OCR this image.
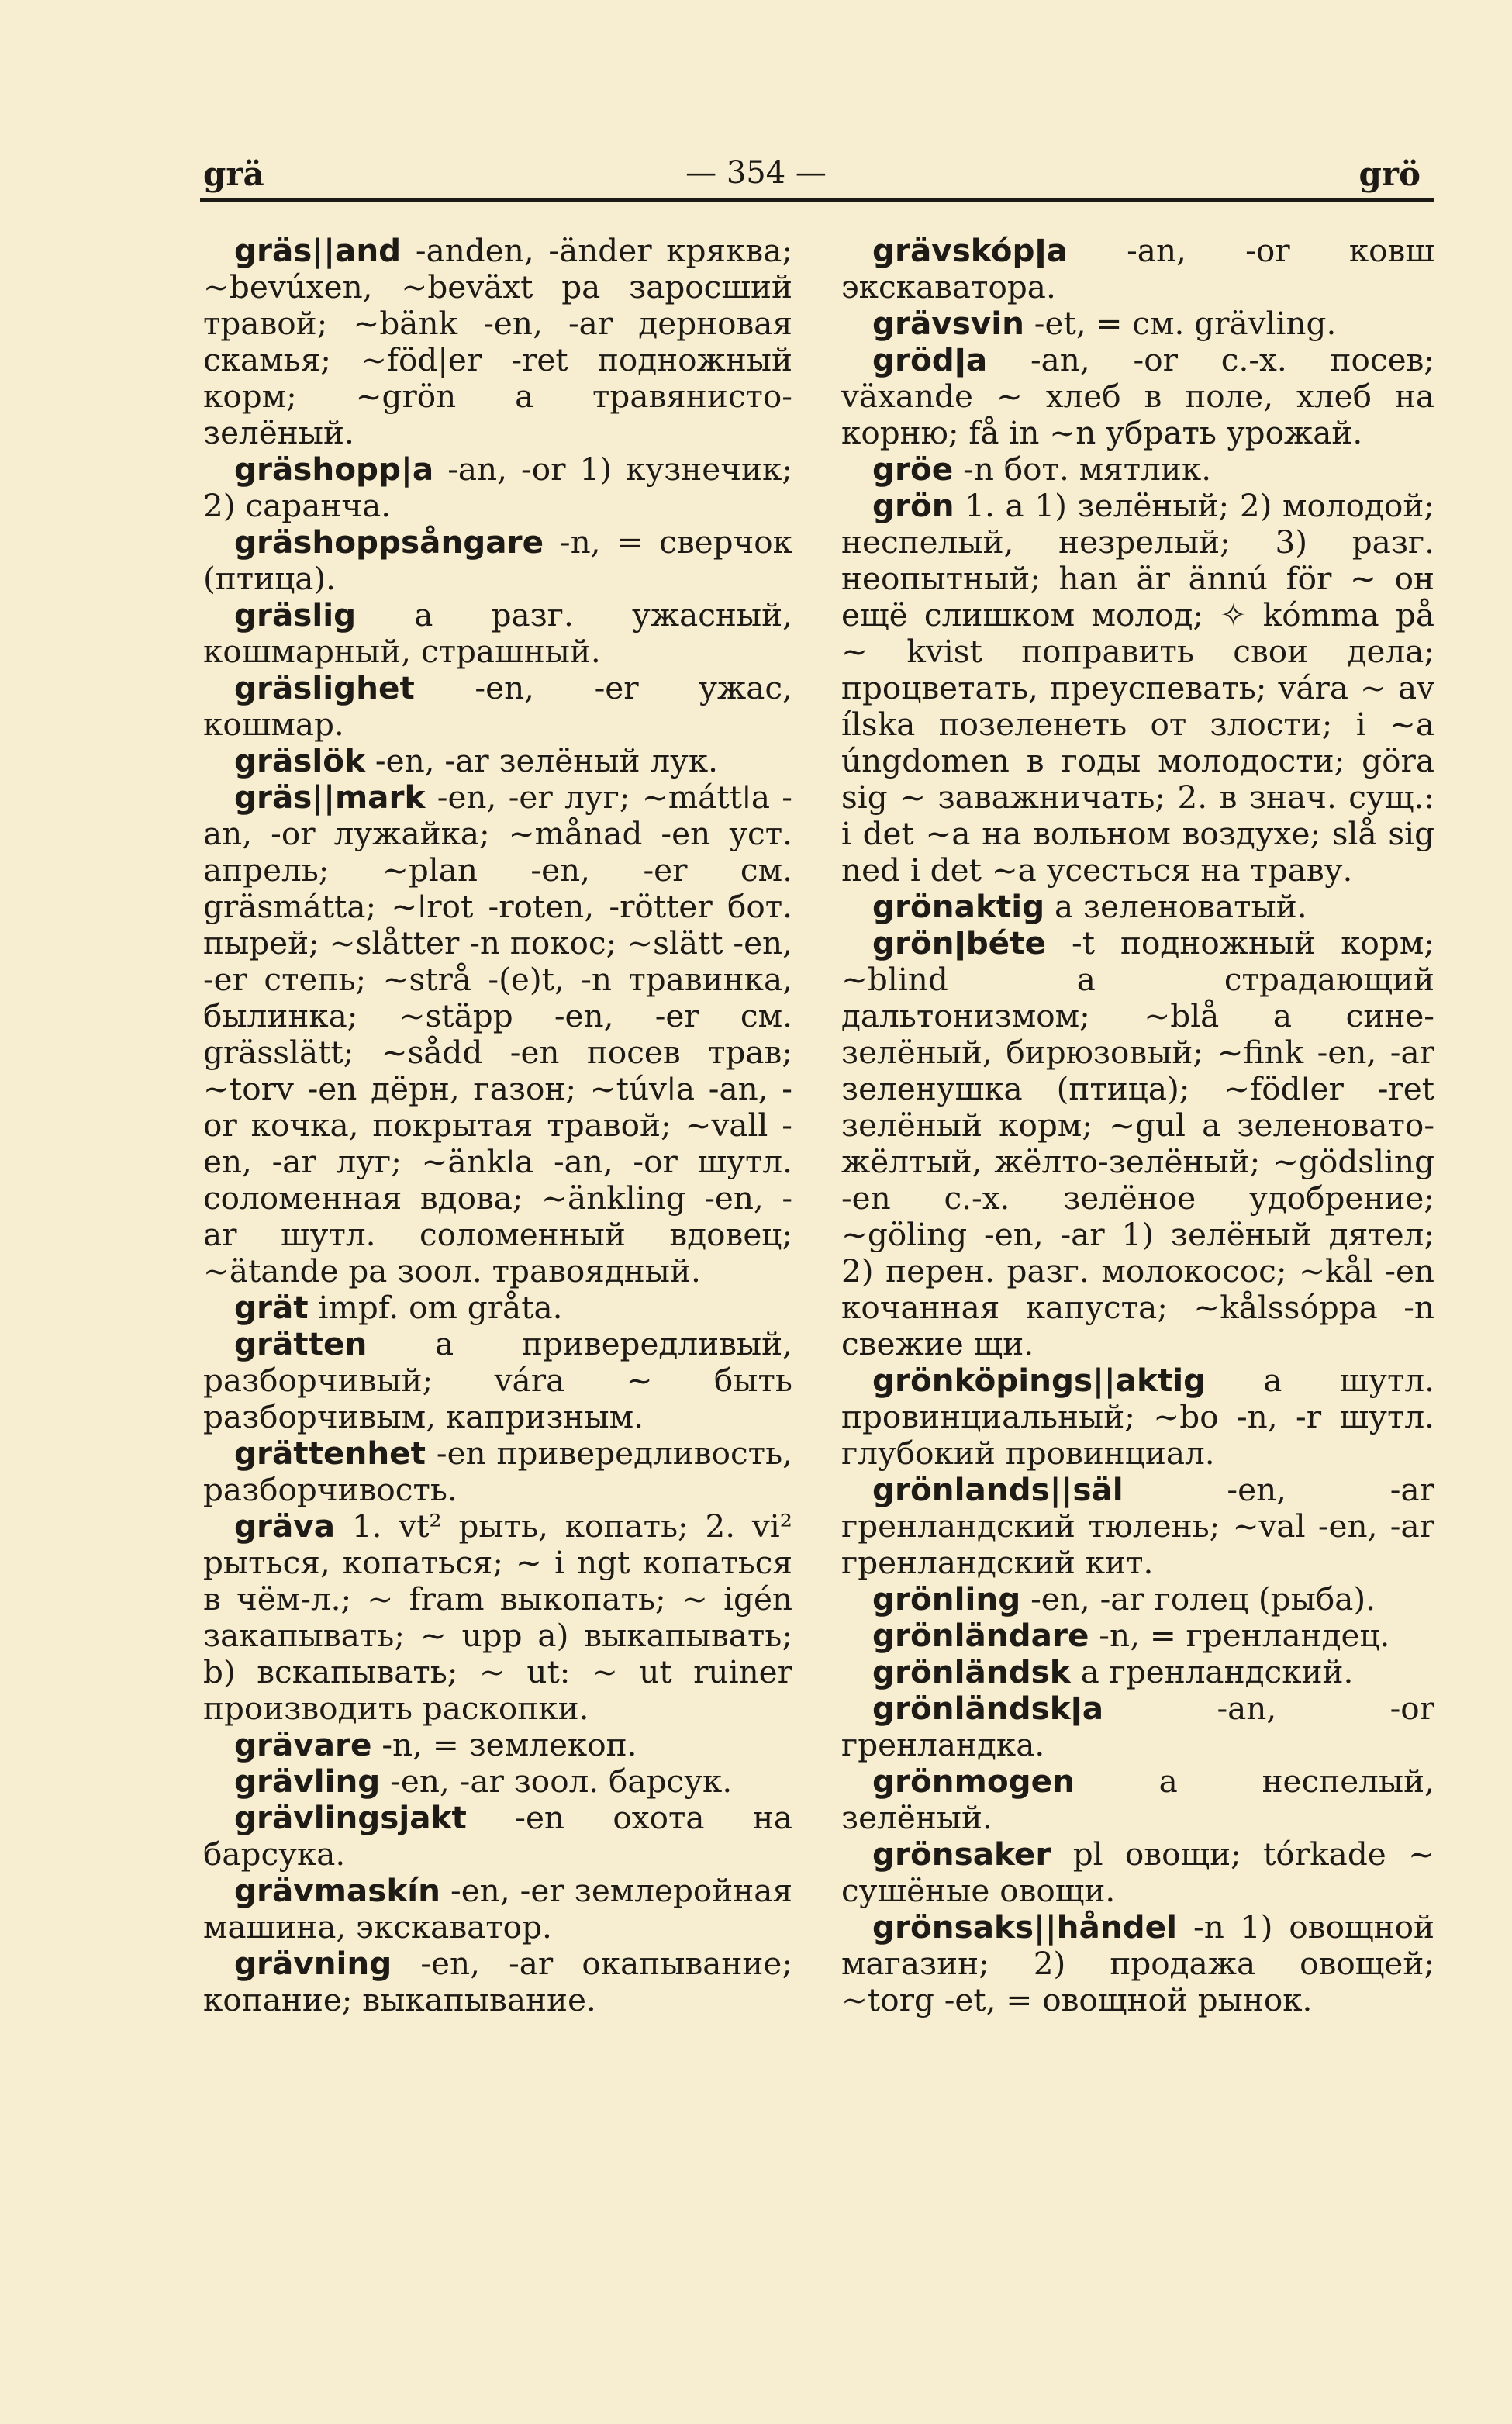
grä	— 354 —	grö

gräs||and -anden, -änder кряква; ~bevúxen, ~beväxt pa заросший травой; ~bänk -en, -ar дерновая скамья; ~föd|er -ret подножный корм; ~grön a травянисто-зелёный.

gräshopp|a -an, -or 1) кузнечик; 2) саранча.

gräshoppsångare -n, = сверчок (птица).

gräslig a разг. ужасный, кошмарный, страшный.

gräslighet -en, -er ужас, кошмар.

gräslök -en, -ar зелёный лук.

gräs||mark -en, -er луг; ~máttǀa -an, -or лужайка; ~månad -en уст. апрель; ~plan -en, -er см. gräsmátta; ~ǀrot -roten, -rötter бот. пырей; ~slåtter -n покос; ~slätt -en, -er степь; ~strå -(e)t, -n травинка, былинка; ~stäpp -en, -er см. grässlätt; ~sådd -en посев трав; ~torv -en дёрн, газон; ~túvǀa -an, -or кочка, покрытая травой; ~vall -en, -ar луг; ~änkǀa -an, -or шутл. соломенная вдова; ~änkling -en, -ar шутл. соломенный вдовец; ~ätande pa зоол. травоядный.

grät impf. om gråta.

grätten a привередливый, разборчивый; vára ~ быть разборчивым, капризным.

grättenhet -en привередливость, разборчивость.

gräva 1. vt² рыть, копать; 2. vi² рыться, копаться; ~ i ngt копаться в чём-л.; ~ fram выкопать; ~ igén закапывать; ~ upp a) выкапывать; b) вскапывать; ~ ut: ~ ut ruiner производить раскопки.

grävare -n, = землекоп.

grävling -en, -ar зоол. барсук.

grävlingsjakt -en охота на барсука.

grävmaskín -en, -er землеройная машина, экскаватор.

grävning -en, -ar окапывание; копание; выкапывание.

grävskópǀa -an, -or ковш экскаватора.

grävsvin -et, = см. grävling.

grödǀa -an, -or с.-х. посев; växande ~ хлеб в поле, хлеб на корню; få in ~n убрать урожай.

gröe -n бот. мятлик.

grön 1. a 1) зелёный; 2) молодой; неспелый, незрелый; 3) разг. неопытный; han är ännú för ~ он ещё слишком молод; ✧ kómma på ~ kvist поправить свои дела; процветать, преуспевать; vára ~ av ílska позеленеть от злости; i ~a úngdomen в годы молодости; göra sig ~ заважничать; 2. в знач. сущ.: i det ~a на вольном воздухе; slå sig ned i det ~a усесться на траву.

grönaktig a зеленоватый.

grönǀbéte -t подножный корм; ~blind a страдающий дальтонизмом; ~blå a сине-зелёный, бирюзовый; ~fink -en, -ar зеленушка (птица); ~födǀer -ret зелёный корм; ~gul a зеленовато-жёлтый, жёлто-зелёный; ~gödsling -en с.-х. зелёное удобрение; ~göling -en, -ar 1) зелёный дятел; 2) перен. разг. молокосос; ~kål -en кочанная капуста; ~kålssóppa -n свежие щи.

grönköpings||aktig a шутл. провинциальный; ~bo -n, -r шутл. глубокий провинциал.

grönlands||säl -en, -ar гренландский тюлень; ~val -en, -ar гренландский кит.

grönling -en, -ar голец (рыба).

grönländare -n, = гренландец.

grönländsk a гренландский.

grönländskǀa -an, -or гренландка.

grönmogen a неспелый, зелёный.

grönsaker pl овощи; tórkade ~ сушёные овощи.

grönsaks||håndel -n 1) овощной магазин; 2) продажа овощей; ~torg -et, = овощной рынок.
